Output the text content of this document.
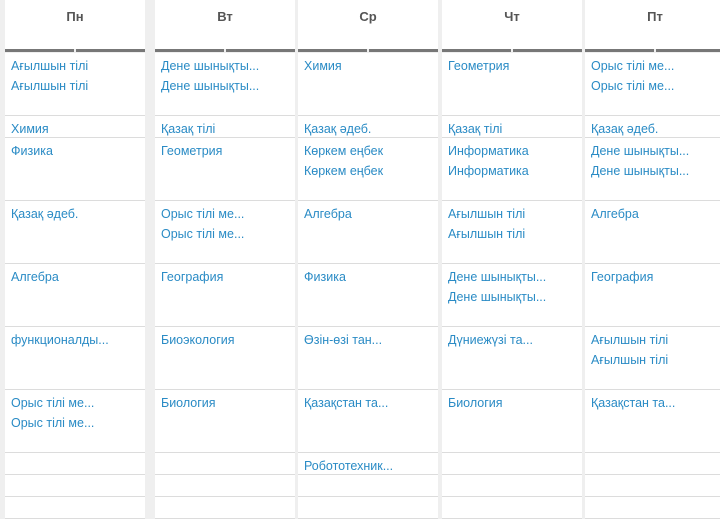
Пн
Ағылшын тілі
Ағылшын тілі
Химия
Физика
Қазақ әдеб.
Алгебра
функционалды...
Орыс тілі ме...
Орыс тілі ме...
Вт
Дене шынықты...
Дене шынықты...
Қазақ тілі
Геометрия
Орыс тілі ме...
Орыс тілі ме...
География
Биоэкология
Биология
Ср
Химия
Қазақ әдеб.
Көркем еңбек
Көркем еңбек
Алгебра
Физика
Өзін-өзі тан...
Қазақстан та...
Робототехник...
Чт
Геометрия
Қазақ тілі
Информатика
Информатика
Ағылшын тілі
Ағылшын тілі
Дене шынықты...
Дене шынықты...
Дүниежүзі та...
Биология
Пт
Орыс тілі ме...
Орыс тілі ме...
Қазақ әдеб.
Дене шынықты...
Дене шынықты...
Алгебра
География
Ағылшын тілі
Ағылшын тілі
Қазақстан та...
